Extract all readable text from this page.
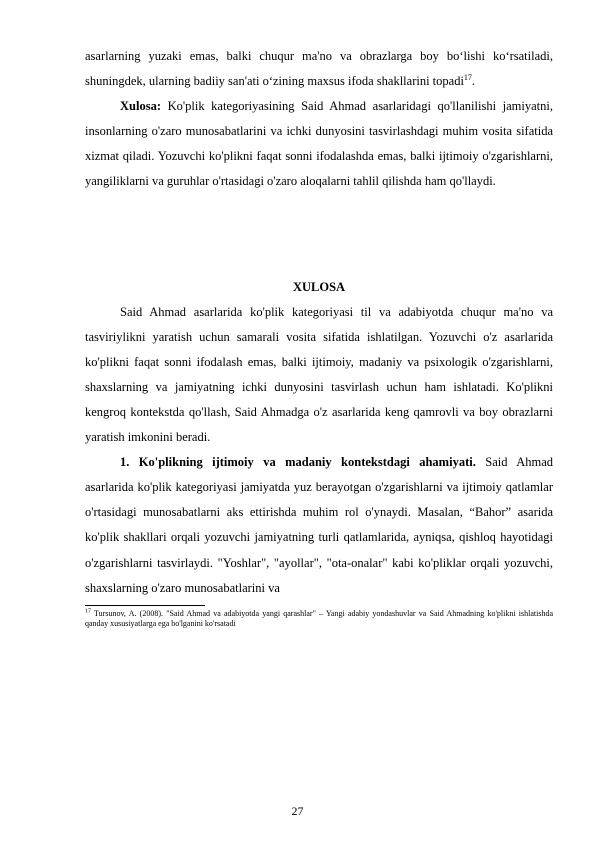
asarlarning yuzaki emas, balki chuqur ma'no va obrazlarga boy bo‘lishi ko‘rsatiladi, shuningdek, ularning badiiy san'ati o‘zining maxsus ifoda shakllarini topadi$^{17}$.

Xulosa: Ko'plik kategoriyasining Said Ahmad asarlaridagi qo'llanilishi jamiyatni, insonlarning o'zaro munosabatlarini va ichki dunyosini tasvirlashdagi muhim vosita sifatida xizmat qiladi. Yozuvchi ko'plikni faqat sonni ifodalashda emas, balki ijtimoiy o'zgarishlarni, yangiliklarni va guruhlar o'rtasidagi o'zaro aloqalarni tahlil qilishda ham qo'llaydi.

XULOSA

Said Ahmad asarlarida ko'plik kategoriyasi til va adabiyotda chuqur ma'no va tasviriylikni yaratish uchun samarali vosita sifatida ishlatilgan. Yozuvchi o'z asarlarida ko'plikni faqat sonni ifodalash emas, balki ijtimoiy, madaniy va psixologik o'zgarishlarni, shaxslarning va jamiyatning ichki dunyosini tasvirlash uchun ham ishlatadi. Ko'plikni kengroq kontekstda qo'llash, Said Ahmadga o'z asarlarida keng qamrovli va boy obrazlarni yaratish imkonini beradi.

1. Ko'plikning ijtimoiy va madaniy kontekstdagi ahamiyati. Said Ahmad asarlarida ko'plik kategoriyasi jamiyatda yuz berayotgan o'zgarishlarni va ijtimoiy qatlamlar o'rtasidagi munosabatlarni aks ettirishda muhim rol o'ynaydi. Masalan, “Bahor” asarida ko'plik shakllari orqali yozuvchi jamiyatning turli qatlamlarida, ayniqsa, qishloq hayotidagi o'zgarishlarni tasvirlaydi. "Yoshlar", "ayollar", "ota-onalar" kabi ko'pliklar orqali yozuvchi, shaxslarning o'zaro munosabatlarini va

$^{17}$ Tursunov, A. (2008). "Said Ahmad va adabiyotda yangi qarashlar" – Yangi adabiy yondashuvlar va Said Ahmadning ko'plikni ishlatishda qanday xususiyatlarga ega bo'lganini ko'rsatadi

27
